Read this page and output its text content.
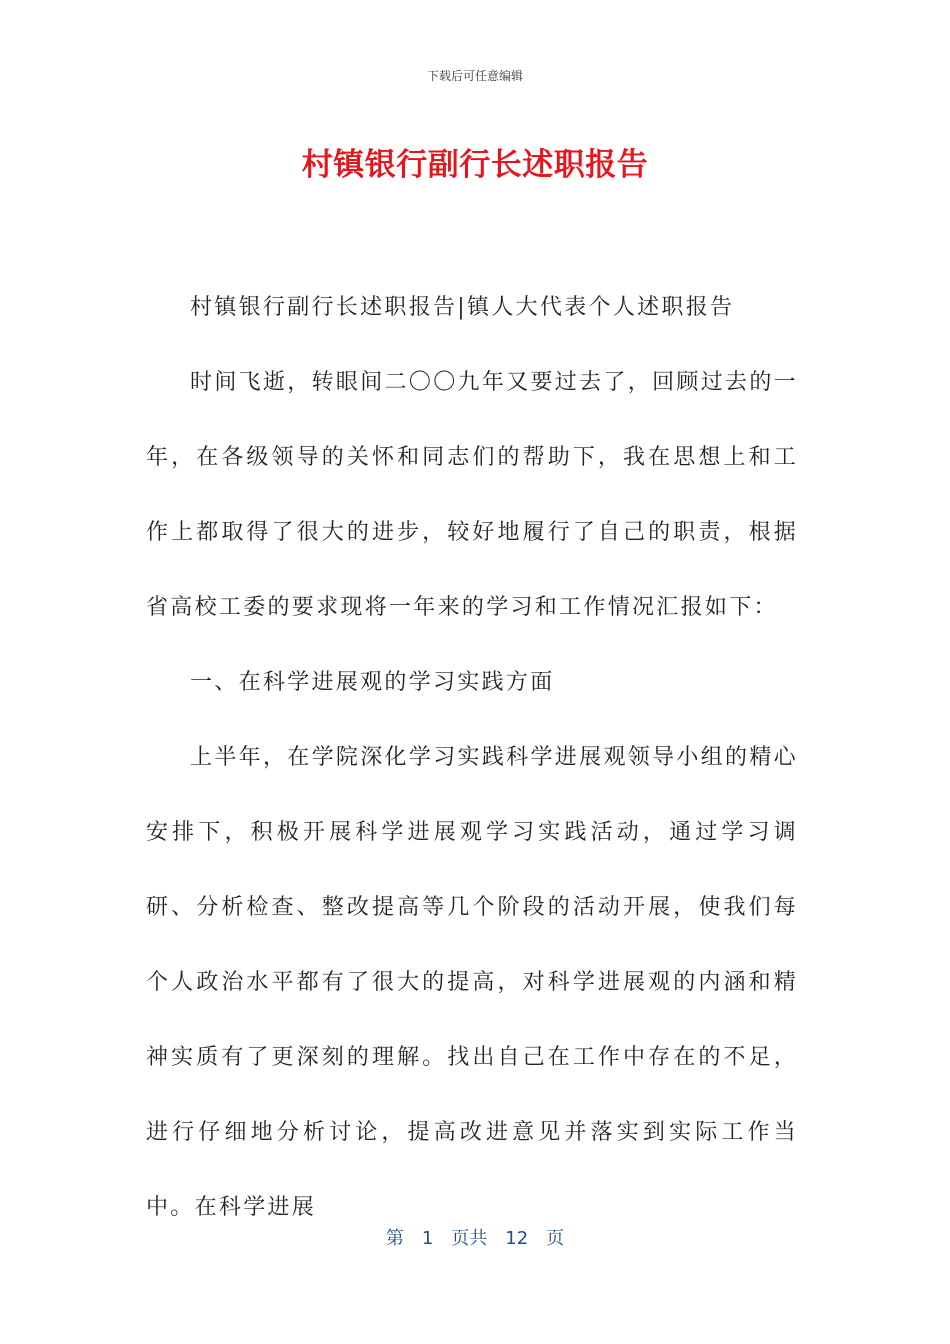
下载后可任意编辑
村镇银行副行长述职报告

村镇银行副行长述职报告|镇人大代表个人述职报告

时间飞逝，转眼间二〇〇九年又要过去了，回顾过去的一年，在各级领导的关怀和同志们的帮助下，我在思想上和工作上都取得了很大的进步，较好地履行了自己的职责，根据省高校工委的要求现将一年来的学习和工作情况汇报如下：

一、在科学进展观的学习实践方面

上半年，在学院深化学习实践科学进展观领导小组的精心安排下，积极开展科学进展观学习实践活动，通过学习调研、分析检查、整改提高等几个阶段的活动开展，使我们每个人政治水平都有了很大的提高，对科学进展观的内涵和精神实质有了更深刻的理解。找出自己在工作中存在的不足，进行仔细地分析讨论，提高改进意见并落实到实际工作当中。在科学进展

第 1 页共 12 页
